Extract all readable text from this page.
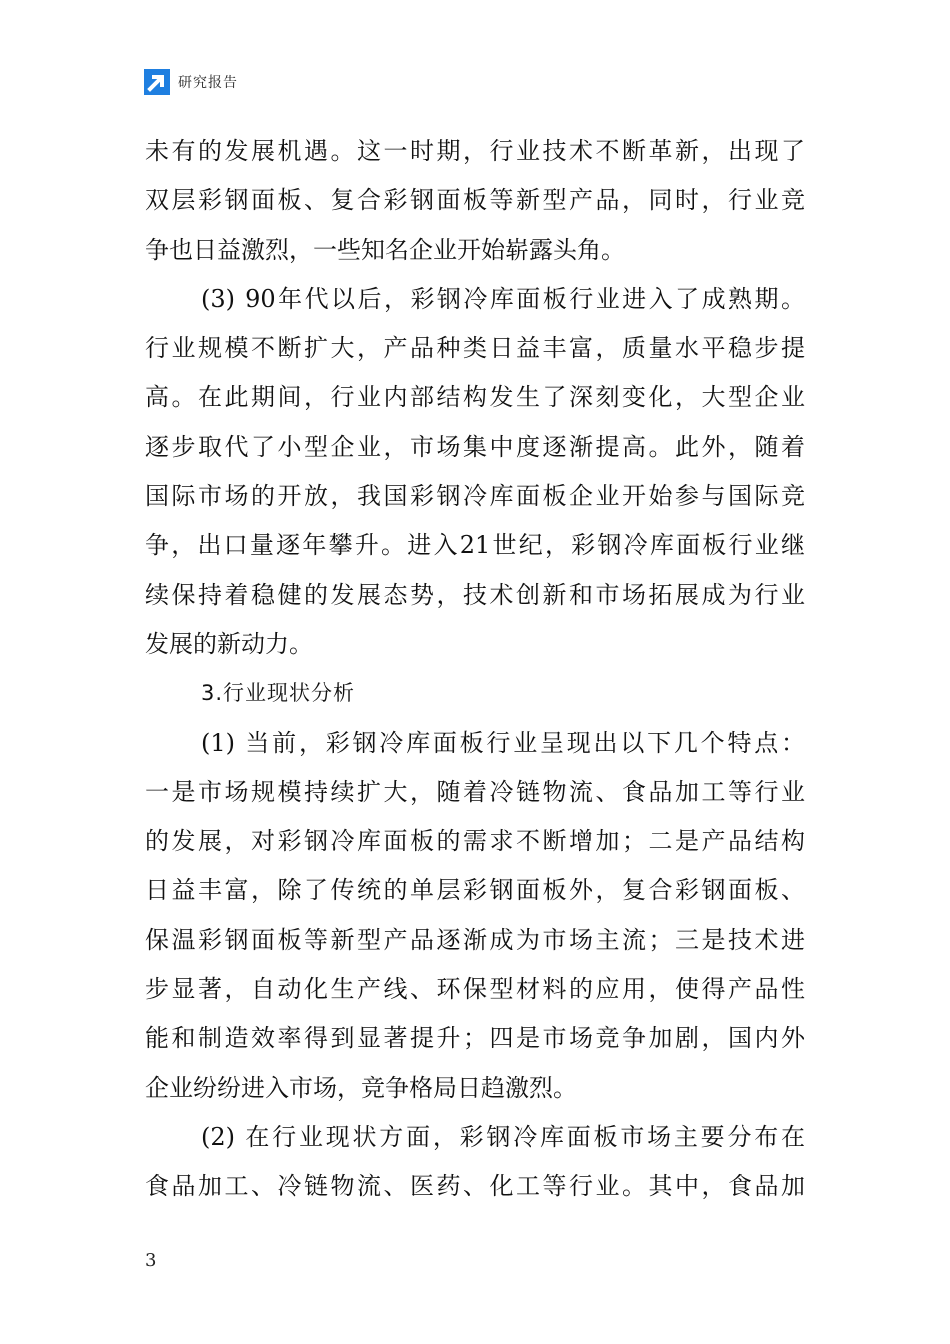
研究报告
未有的发展机遇。这一时期，行业技术不断革新，出现了
双层彩钢面板、复合彩钢面板等新型产品，同时，行业竞
争也日益激烈，一些知名企业开始崭露头角。
(3) 90年代以后，彩钢冷库面板行业进入了成熟期。
行业规模不断扩大，产品种类日益丰富，质量水平稳步提
高。在此期间，行业内部结构发生了深刻变化，大型企业
逐步取代了小型企业，市场集中度逐渐提高。此外，随着
国际市场的开放，我国彩钢冷库面板企业开始参与国际竞
争，出口量逐年攀升。进入21世纪，彩钢冷库面板行业继
续保持着稳健的发展态势，技术创新和市场拓展成为行业
发展的新动力。
3.行业现状分析
(1) 当前，彩钢冷库面板行业呈现出以下几个特点：
一是市场规模持续扩大，随着冷链物流、食品加工等行业
的发展，对彩钢冷库面板的需求不断增加；二是产品结构
日益丰富，除了传统的单层彩钢面板外，复合彩钢面板、
保温彩钢面板等新型产品逐渐成为市场主流；三是技术进
步显著，自动化生产线、环保型材料的应用，使得产品性
能和制造效率得到显著提升；四是市场竞争加剧，国内外
企业纷纷进入市场，竞争格局日趋激烈。
(2) 在行业现状方面，彩钢冷库面板市场主要分布在
食品加工、冷链物流、医药、化工等行业。其中，食品加
3
